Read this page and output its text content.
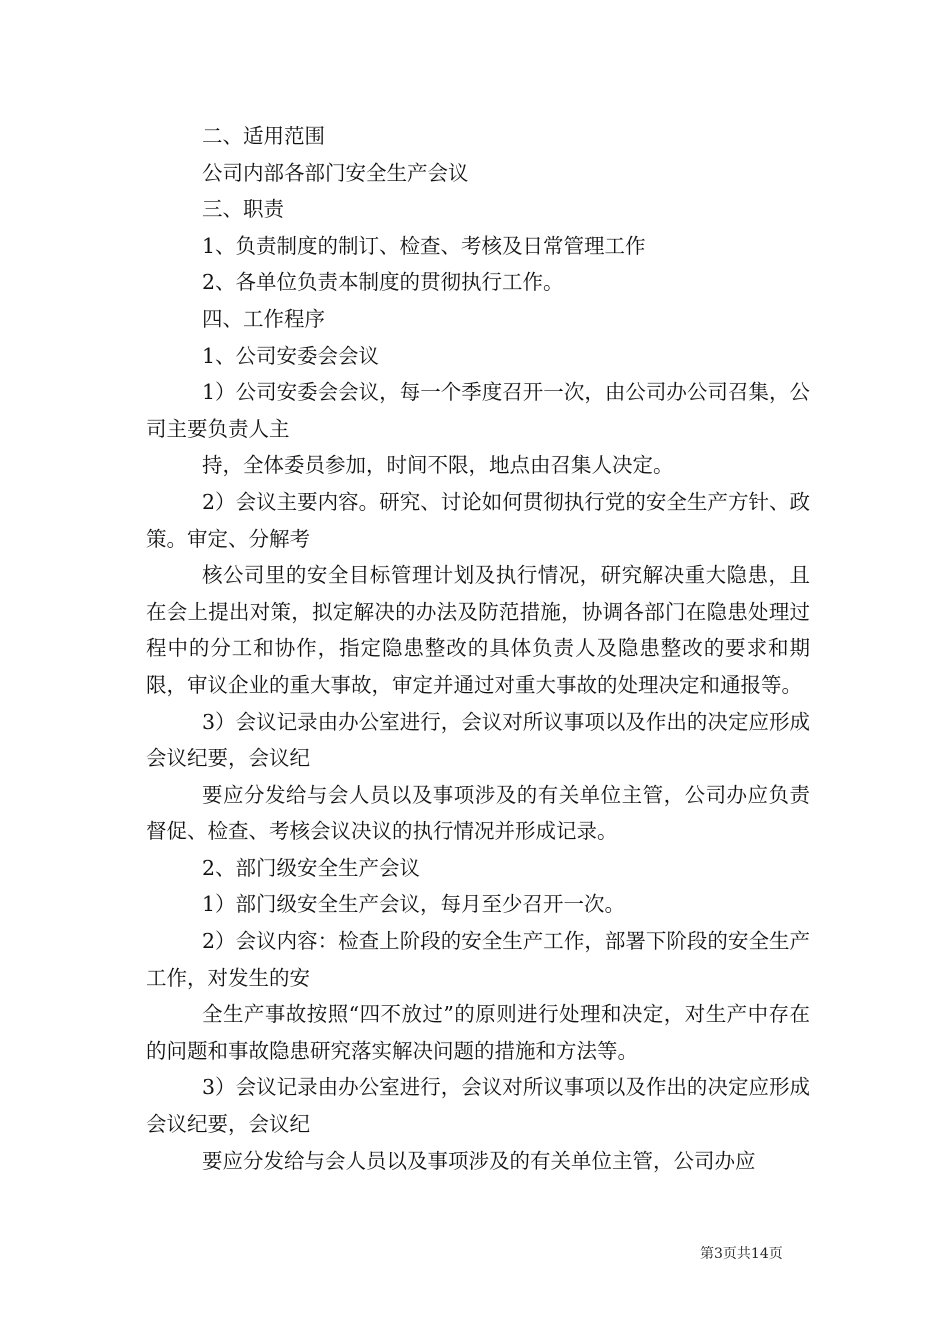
二、适用范围

公司内部各部门安全生产会议

三、职责

1、负责制度的制订、检查、考核及日常管理工作

2、各单位负责本制度的贯彻执行工作。

四、工作程序

1、公司安委会会议

1）公司安委会会议，每一个季度召开一次，由公司办公司召集，公司主要负责人主

持，全体委员参加，时间不限，地点由召集人决定。

2）会议主要内容。研究、讨论如何贯彻执行党的安全生产方针、政策。审定、分解考

核公司里的安全目标管理计划及执行情况，研究解决重大隐患，且在会上提出对策，拟定解决的办法及防范措施，协调各部门在隐患处理过程中的分工和协作，指定隐患整改的具体负责人及隐患整改的要求和期限，审议企业的重大事故，审定并通过对重大事故的处理决定和通报等。

3）会议记录由办公室进行，会议对所议事项以及作出的决定应形成会议纪要，会议纪

要应分发给与会人员以及事项涉及的有关单位主管，公司办应负责督促、检查、考核会议决议的执行情况并形成记录。

2、部门级安全生产会议

1）部门级安全生产会议，每月至少召开一次。

2）会议内容：检查上阶段的安全生产工作，部署下阶段的安全生产工作，对发生的安

全生产事故按照“四不放过”的原则进行处理和决定，对生产中存在的问题和事故隐患研究落实解决问题的措施和方法等。

3）会议记录由办公室进行，会议对所议事项以及作出的决定应形成会议纪要，会议纪

要应分发给与会人员以及事项涉及的有关单位主管，公司办应

第3页共14页
